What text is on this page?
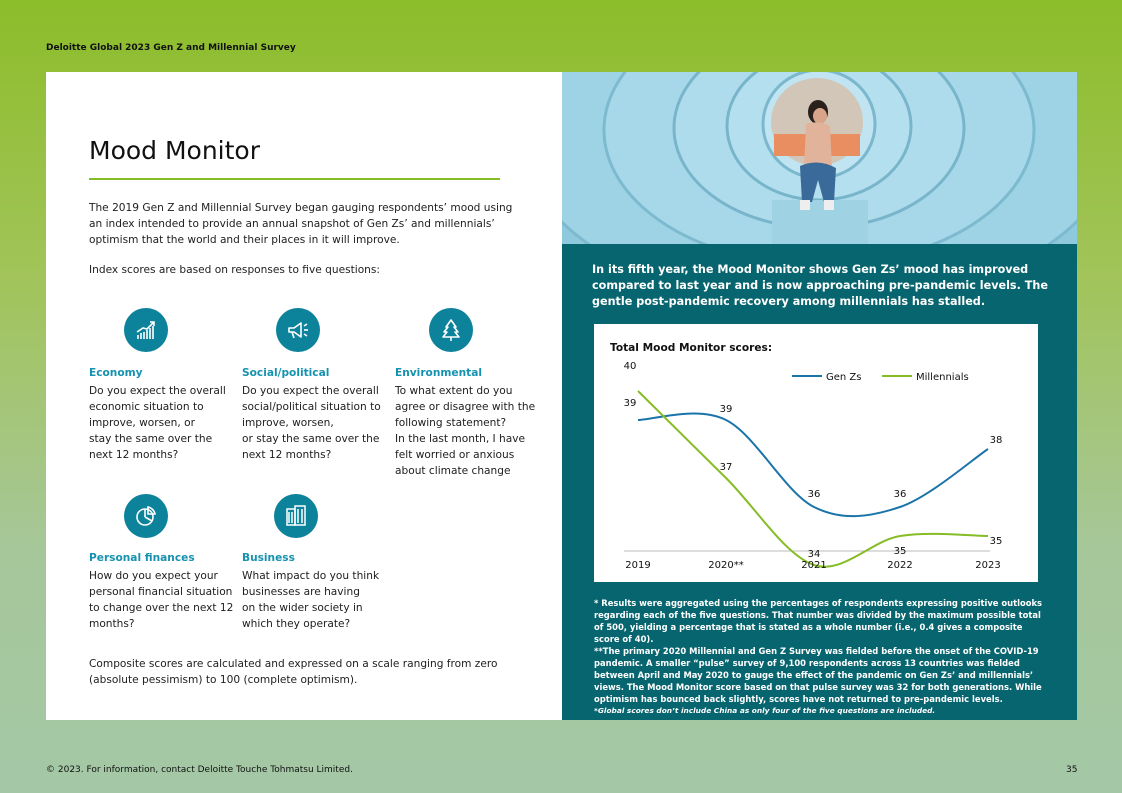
Deloitte Global 2023 Gen Z and Millennial Survey
Mood Monitor
The 2019 Gen Z and Millennial Survey began gauging respondents’ mood using an index intended to provide an annual snapshot of Gen Zs’ and millennials’ optimism that the world and their places in it will improve.
Index scores are based on responses to five questions:
Economy
Do you expect the overall
economic situation to
improve, worsen, or
stay the same over the
next 12 months?
Social/political
Do you expect the overall
social/political situation to
improve, worsen,
or stay the same over the
next 12 months?
Environmental
To what extent do you
agree or disagree with the
following statement?
In the last month, I have
felt worried or anxious
about climate change
Personal finances
How do you expect your
personal financial situation
to change over the next 12
months?
Business
What impact do you think
businesses are having
on the wider society in
which they operate?
Composite scores are calculated and expressed on a scale ranging from zero (absolute pessimism) to 100 (complete optimism).
In its fifth year, the Mood Monitor shows Gen Zs’ mood has improved compared to last year and is now approaching pre-pandemic levels. The gentle post-pandemic recovery among millennials has stalled.
Total Mood Monitor scores:
39
39
36	36
38
40
37
34	35
35
2019	2020**	2021	2022	2023
Gen Zs	Millennials
* Results were aggregated using the percentages of respondents expressing positive outlooks regarding each of the five questions. That number was divided by the maximum possible total of 500, yielding a percentage that is stated as a whole number (i.e., 0.4 gives a composite score of 40).
**The primary 2020 Millennial and Gen Z Survey was fielded before the onset of the COVID-19 pandemic. A smaller “pulse” survey of 9,100 respondents across 13 countries was fielded between April and May 2020 to gauge the effect of the pandemic on Gen Zs’ and millennials’ views. The Mood Monitor score based on that pulse survey was 32 for both generations. While optimism has bounced back slightly, scores have not returned to pre-pandemic levels.
*Global scores don’t include China as only four of the five questions are included.
© 2023. For information, contact Deloitte Touche Tohmatsu Limited.	35
